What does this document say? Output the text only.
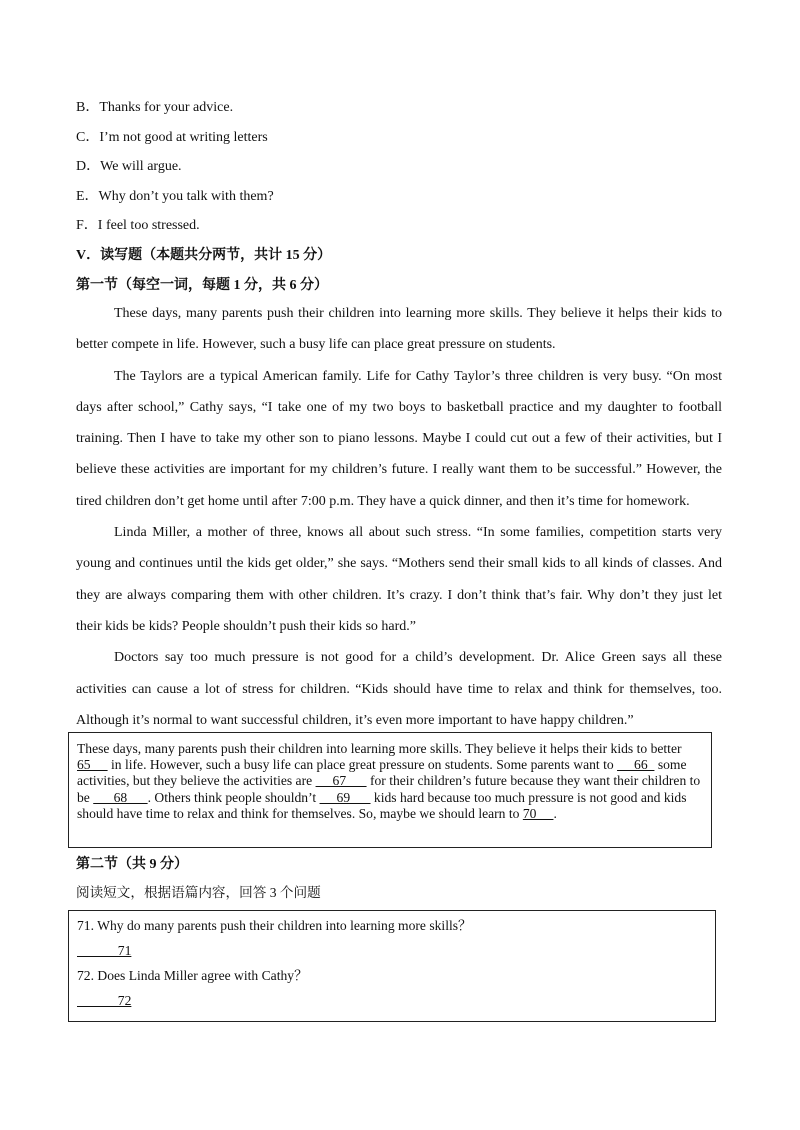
B．Thanks for your advice.
C．I’m not good at writing letters
D．We will argue.
E．Why don’t you talk with them?
F．I feel too stressed.
V．读写题（本题共分两节，共计 15 分）
第一节（每空一词，每题 1 分，共 6 分）

These days, many parents push their children into learning more skills. They believe it helps their kids to better compete in life. However, such a busy life can place great pressure on students.

The Taylors are a typical American family. Life for Cathy Taylor’s three children is very busy. “On most days after school,” Cathy says, “I take one of my two boys to basketball practice and my daughter to football training. Then I have to take my other son to piano lessons. Maybe I could cut out a few of their activities, but I believe these activities are important for my children’s future. I really want them to be successful.” However, the tired children don’t get home until after 7:00 p.m. They have a quick dinner, and then it’s time for homework.

Linda Miller, a mother of three, knows all about such stress. “In some families, competition starts very young and continues until the kids get older,” she says. “Mothers send their small kids to all kinds of classes. And they are always comparing them with other children. It’s crazy. I don’t think that’s fair. Why don’t they just let their kids be kids? People shouldn’t push their kids so hard.”

Doctors say too much pressure is not good for a child’s development. Dr. Alice Green says all these activities can cause a lot of stress for children. “Kids should have time to relax and think for themselves, too. Although it’s normal to want successful children, it’s even more important to have happy children.”

These days, many parents push their children into learning more skills. They believe it helps their kids to better 65      in life. However, such a busy life can place great pressure on students. Some parents want to      66   some activities, but they believe the activities are      67       for their children’s future because they want their children to be       68      . Others think people shouldn’t      69       kids hard because too much pressure is not good and kids should have time to relax and think for themselves. So, maybe we should learn to 70     .
第二节（共 9 分）
阅读短文，根据语篇内容，回答 3 个问题
71. Why do many parents push their children into learning more skills？
71
72. Does Linda Miller agree with Cathy？
72
